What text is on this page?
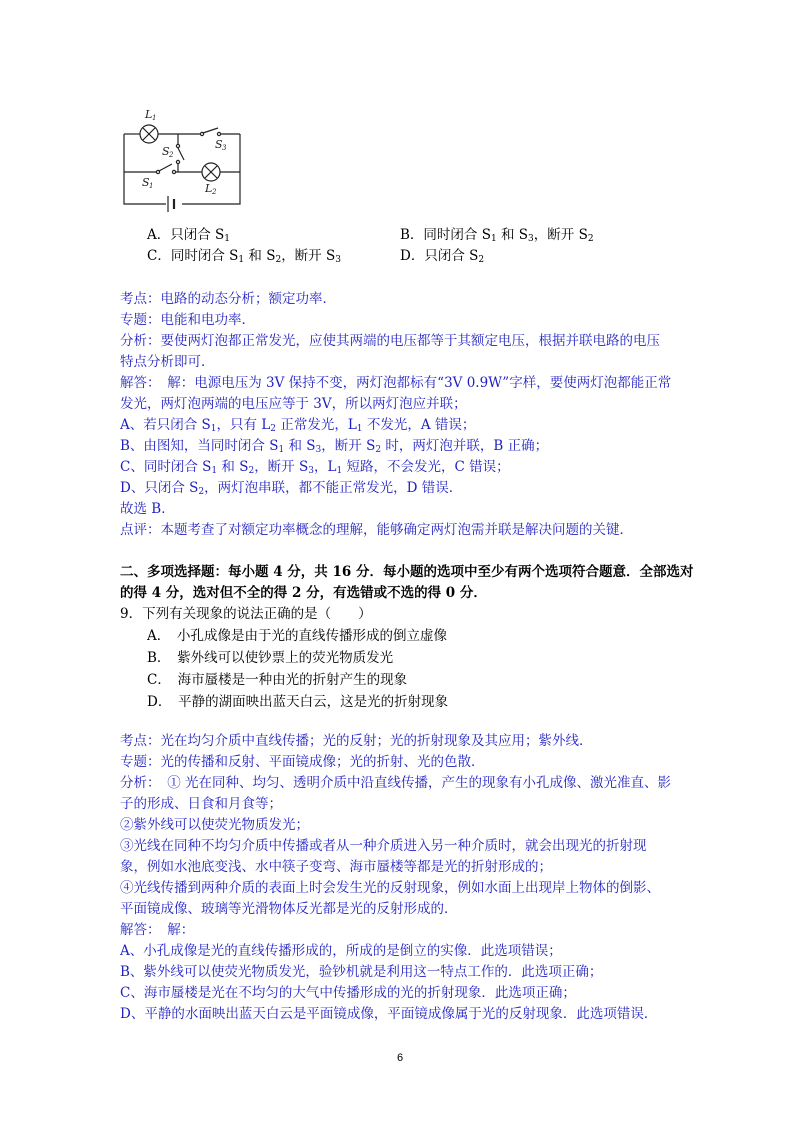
L 1
S 2
S 3
S 1	L 2
A．只闭合 $S_1$	B．同时闭合 $S_1$ 和 $S_3$，断开 $S_2$
C．同时闭合 $S_1$ 和 $S_2$，断开 $S_3$	D．只闭合 $S_2$
考点：电路的动态分析；额定功率．
专题：电能和电功率．
分析：要使两灯泡都正常发光，应使其两端的电压都等于其额定电压，根据并联电路的电压
特点分析即可．
解答：　解：电源电压为 3V 保持不变，两灯泡都标有“3V 0.9W”字样，要使两灯泡都能正常
发光，两灯泡两端的电压应等于 3V，所以两灯泡应并联；
A、若只闭合 $S_1$，只有 $L_2$ 正常发光，$L_1$ 不发光，A 错误；
B、由图知，当同时闭合 $S_1$ 和 $S_3$，断开 $S_2$ 时，两灯泡并联，B 正确；
C、同时闭合 $S_1$ 和 $S_2$，断开 $S_3$，$L_1$ 短路，不会发光，C 错误；
D、只闭合 $S_2$，两灯泡串联，都不能正常发光，D 错误．
故选 B．
点评：本题考查了对额定功率概念的理解，能够确定两灯泡需并联是解决问题的关键．
二、多项选择题：每小题 4 分，共 16 分．每小题的选项中至少有两个选项符合题意．全部选对
的得 4 分，选对但不全的得 2 分，有选错或不选的得 0 分．
9．下列有关现象的说法正确的是（　　）
A．　小孔成像是由于光的直线传播形成的倒立虚像
B．　紫外线可以使钞票上的荧光物质发光
C．　海市蜃楼是一种由光的折射产生的现象
D．　平静的湖面映出蓝天白云，这是光的折射现象
考点：光在均匀介质中直线传播；光的反射；光的折射现象及其应用；紫外线．
专题：光的传播和反射、平面镜成像；光的折射、光的色散．
分析：　① 光在同种、均匀、透明介质中沿直线传播，产生的现象有小孔成像、激光准直、影
子的形成、日食和月食等；
②紫外线可以使荧光物质发光；
③光线在同种不均匀介质中传播或者从一种介质进入另一种介质时，就会出现光的折射现
象，例如水池底变浅、水中筷子变弯、海市蜃楼等都是光的折射形成的；
④光线传播到两种介质的表面上时会发生光的反射现象，例如水面上出现岸上物体的倒影、
平面镜成像、玻璃等光滑物体反光都是光的反射形成的．
解答：　解：
A、小孔成像是光的直线传播形成的，所成的是倒立的实像．此选项错误；
B、紫外线可以使荧光物质发光，验钞机就是利用这一特点工作的．此选项正确；
C、海市蜃楼是光在不均匀的大气中传播形成的光的折射现象．此选项正确；
D、平静的水面映出蓝天白云是平面镜成像，平面镜成像属于光的反射现象．此选项错误．
6
